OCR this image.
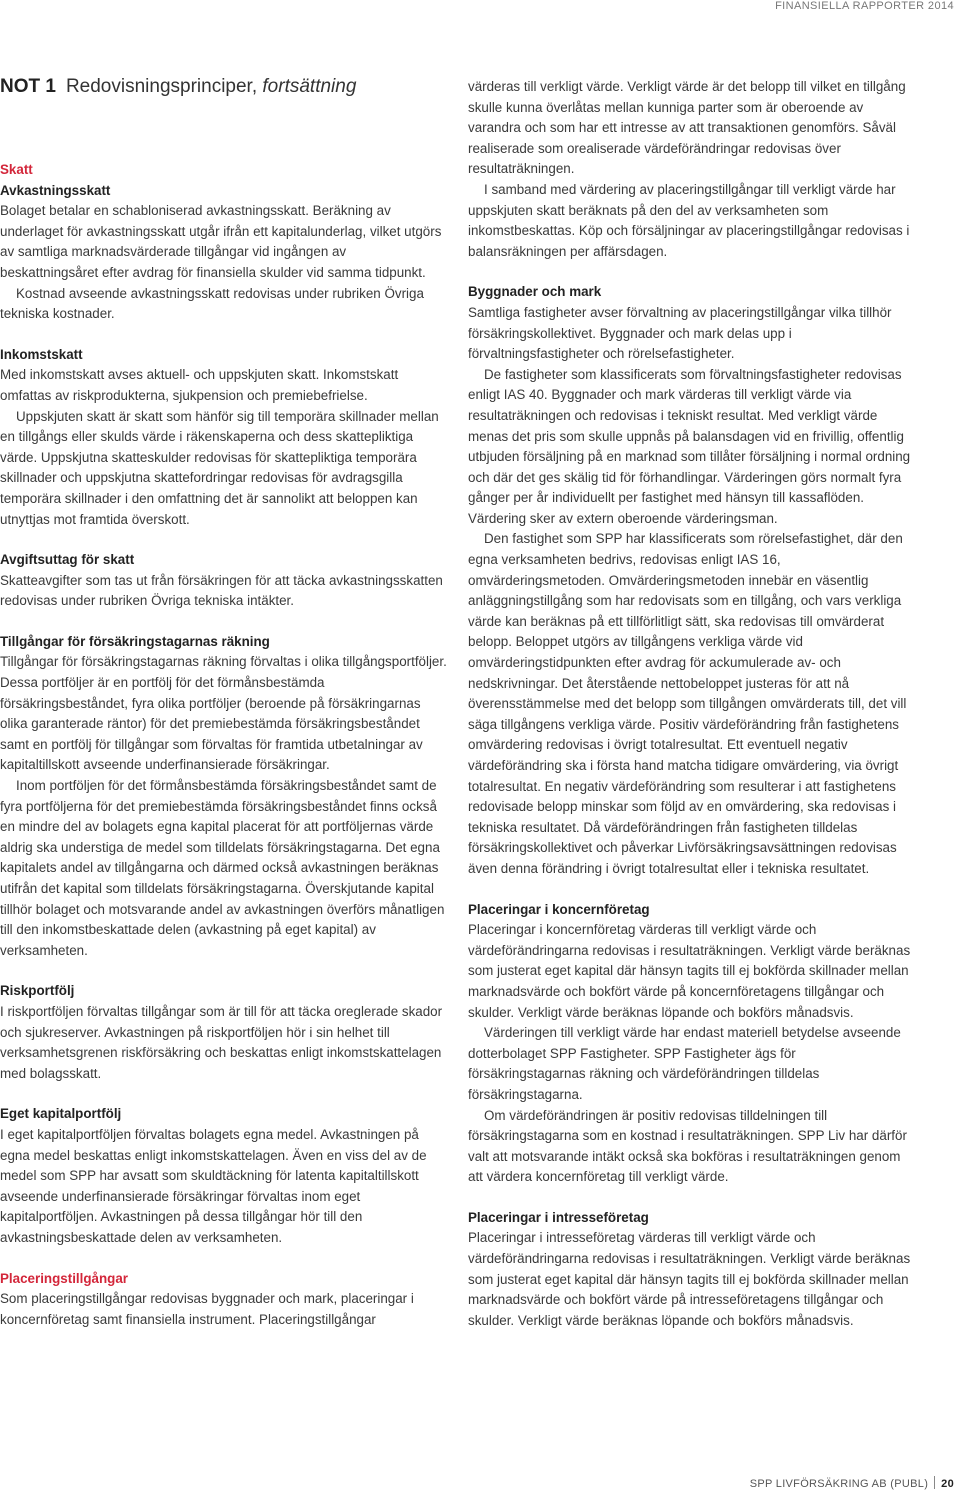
FINANSIELLA RAPPORTER 2014
NOT 1 Redovisningsprinciper, fortsättning

Skatt

Avkastningsskatt

Bolaget betalar en schabloniserad avkastningsskatt. Beräkning av underlaget för avkastningsskatt utgår ifrån ett kapitalunderlag, vilket utgörs av samtliga marknadsvärderade tillgångar vid ingången av beskattningsåret efter avdrag för finansiella skulder vid samma tidpunkt.

Kostnad avseende avkastningsskatt redovisas under rubriken Övriga tekniska kostnader.

Inkomstskatt

Med inkomstskatt avses aktuell- och uppskjuten skatt. Inkomstskatt omfattas av riskprodukterna, sjukpension och premiebefrielse.

Uppskjuten skatt är skatt som hänför sig till temporära skillnader mellan en tillgångs eller skulds värde i räkenskaperna och dess skattepliktiga värde. Uppskjutna skatteskulder redovisas för skattepliktiga temporära skillnader och uppskjutna skattefordringar redovisas för avdragsgilla temporära skillnader i den omfattning det är sannolikt att beloppen kan utnyttjas mot framtida överskott.

Avgiftsuttag för skatt

Skatteavgifter som tas ut från försäkringen för att täcka avkastningsskatten redovisas under rubriken Övriga tekniska intäkter.

Tillgångar för försäkringstagarnas räkning

Tillgångar för försäkringstagarnas räkning förvaltas i olika tillgångsportföljer. Dessa portföljer är en portfölj för det förmånsbestämda försäkringsbeståndet, fyra olika portföljer (beroende på försäkringarnas olika garanterade räntor) för det premiebestämda försäkringsbeståndet samt en portfölj för tillgångar som förvaltas för framtida utbetalningar av kapitaltillskott avseende underfinansierade försäkringar.

Inom portföljen för det förmånsbestämda försäkringsbeståndet samt de fyra portföljerna för det premiebestämda försäkringsbeståndet finns också en mindre del av bolagets egna kapital placerat för att portföljernas värde aldrig ska understiga de medel som tilldelats försäkringstagarna. Det egna kapitalets andel av tillgångarna och därmed också avkastningen beräknas utifrån det kapital som tilldelats försäkringstagarna. Överskjutande kapital tillhör bolaget och motsvarande andel av avkastningen överförs månatligen till den inkomstbeskattade delen (avkastning på eget kapital) av verksamheten.

Riskportfölj

I riskportföljen förvaltas tillgångar som är till för att täcka oreglerade skador och sjukreserver. Avkastningen på riskportföljen hör i sin helhet till verksamhetsgrenen riskförsäkring och beskattas enligt inkomstskattelagen med bolagsskatt.

Eget kapitalportfölj

I eget kapitalportföljen förvaltas bolagets egna medel. Avkastningen på egna medel beskattas enligt inkomstskattelagen. Även en viss del av de medel som SPP har avsatt som skuldtäckning för latenta kapitaltillskott avseende underfinansierade försäkringar förvaltas inom eget kapitalportföljen. Avkastningen på dessa tillgångar hör till den avkastningsbeskattade delen av verksamheten.

Placeringstillgångar

Som placeringstillgångar redovisas byggnader och mark, placeringar i koncernföretag samt finansiella instrument. Placeringstillgångar

värderas till verkligt värde. Verkligt värde är det belopp till vilket en tillgång skulle kunna överlåtas mellan kunniga parter som är oberoende av varandra och som har ett intresse av att transaktionen genomförs. Såväl realiserade som orealiserade värdeförändringar redovisas över resultaträkningen.

I samband med värdering av placeringstillgångar till verkligt värde har uppskjuten skatt beräknats på den del av verksamheten som inkomstbeskattas. Köp och försäljningar av placeringstillgångar redovisas i balansräkningen per affärsdagen.

Byggnader och mark

Samtliga fastigheter avser förvaltning av placeringstillgångar vilka tillhör försäkringskollektivet. Byggnader och mark delas upp i förvaltningsfastigheter och rörelsefastigheter.

De fastigheter som klassificerats som förvaltningsfastigheter redovisas enligt IAS 40. Byggnader och mark värderas till verkligt värde via resultaträkningen och redovisas i tekniskt resultat. Med verkligt värde menas det pris som skulle uppnås på balansdagen vid en frivillig, offentlig utbjuden försäljning på en marknad som tillåter försäljning i normal ordning och där det ges skälig tid för förhandlingar. Värderingen görs normalt fyra gånger per år individuellt per fastighet med hänsyn till kassaflöden. Värdering sker av extern oberoende värderingsman.

Den fastighet som SPP har klassificerats som rörelsefastighet, där den egna verksamheten bedrivs, redovisas enligt IAS 16, omvärderingsmetoden. Omvärderingsmetoden innebär en väsentlig anläggningstillgång som har redovisats som en tillgång, och vars verkliga värde kan beräknas på ett tillförlitligt sätt, ska redovisas till omvärderat belopp. Beloppet utgörs av tillgångens verkliga värde vid omvärderingstidpunkten efter avdrag för ackumulerade av- och nedskrivningar. Det återstående nettobeloppet justeras för att nå överensstämmelse med det belopp som tillgången omvärderats till, det vill säga tillgångens verkliga värde. Positiv värdeförändring från fastighetens omvärdering redovisas i övrigt totalresultat. Ett eventuell negativ värdeförändring ska i första hand matcha tidigare omvärdering, via övrigt totalresultat. En negativ värdeförändring som resulterar i att fastighetens redovisade belopp minskar som följd av en omvärdering, ska redovisas i tekniska resultatet. Då värdeförändringen från fastigheten tilldelas försäkringskollektivet och påverkar Livförsäkringsavsättningen redovisas även denna förändring i övrigt totalresultat eller i tekniska resultatet.

Placeringar i koncernföretag

Placeringar i koncernföretag värderas till verkligt värde och värdeförändringarna redovisas i resultaträkningen. Verkligt värde beräknas som justerat eget kapital där hänsyn tagits till ej bokförda skillnader mellan marknadsvärde och bokfört värde på koncernföretagens tillgångar och skulder. Verkligt värde beräknas löpande och bokförs månadsvis.

Värderingen till verkligt värde har endast materiell betydelse avseende dotterbolaget SPP Fastigheter. SPP Fastigheter ägs för försäkringstagarnas räkning och värdeförändringen tilldelas försäkringstagarna.

Om värdeförändringen är positiv redovisas tilldelningen till försäkringstagarna som en kostnad i resultaträkningen. SPP Liv har därför valt att motsvarande intäkt också ska bokföras i resultaträkningen genom att värdera koncernföretag till verkligt värde.

Placeringar i intresseföretag

Placeringar i intresseföretag värderas till verkligt värde och värdeförändringarna redovisas i resultaträkningen. Verkligt värde beräknas som justerat eget kapital där hänsyn tagits till ej bokförda skillnader mellan marknadsvärde och bokfört värde på intresseföretagens tillgångar och skulder. Verkligt värde beräknas löpande och bokförs månadsvis.

SPP LIVFÖRSÄKRING AB (PUBL) 20
